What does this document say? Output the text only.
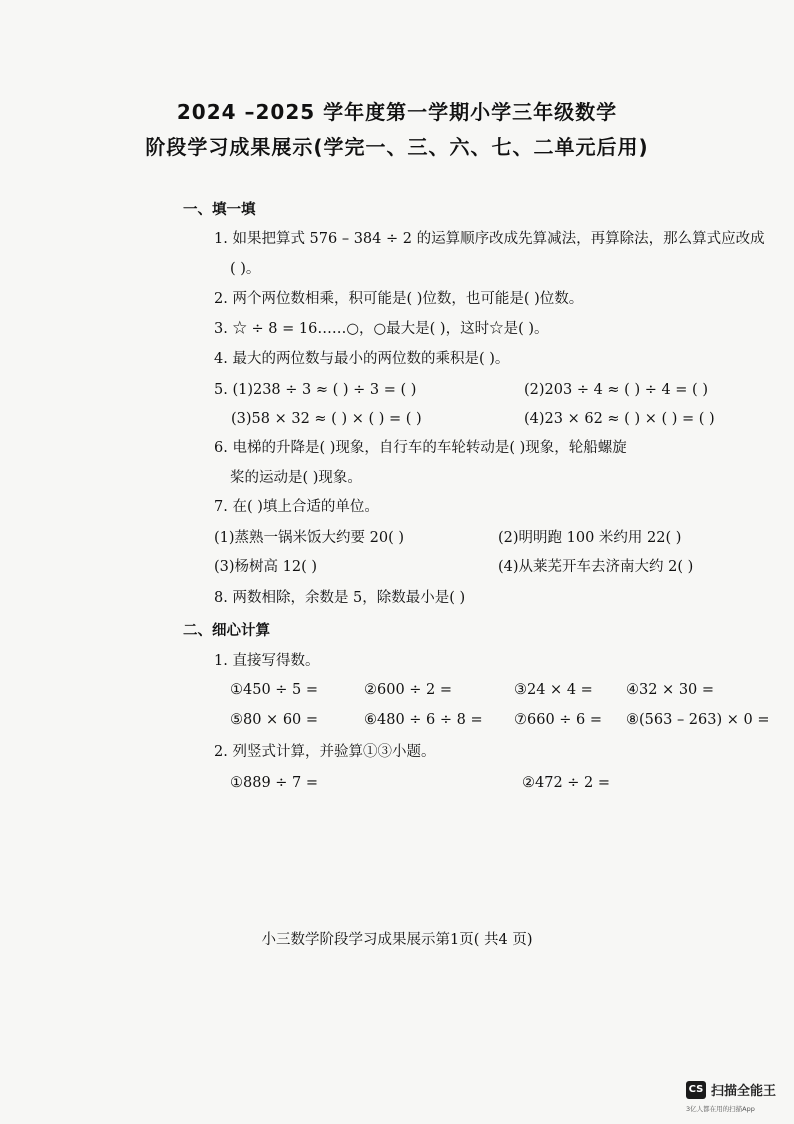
2024 –2025 学年度第一学期小学三年级数学
阶段学习成果展示(学完一、三、六、七、二单元后用)
一、填一填
1. 如果把算式 576 – 384 ÷ 2 的运算顺序改成先算减法，再算除法，那么算式应改成
( )。
2. 两个两位数相乘，积可能是( )位数，也可能是( )位数。
3. ☆ ÷ 8 = 16……○，○最大是( )，这时☆是( )。
4. 最大的两位数与最小的两位数的乘积是( )。
5. (1)238 ÷ 3 ≈ ( ) ÷ 3 = ( )	(2)203 ÷ 4 ≈ ( ) ÷ 4 = ( )
(3)58 × 32 ≈ ( ) × ( ) = ( )	(4)23 × 62 ≈ ( ) × ( ) = ( )
6. 电梯的升降是( )现象，自行车的车轮转动是( )现象，轮船螺旋
桨的运动是( )现象。
7. 在( )填上合适的单位。
(1)蒸熟一锅米饭大约要 20( )	(2)明明跑 100 米约用 22( )
(3)杨树高 12( )	(4)从莱芜开车去济南大约 2( )
8. 两数相除，余数是 5，除数最小是( )
二、细心计算
1. 直接写得数。
①450 ÷ 5 =	②600 ÷ 2 =	③24 × 4 = ④32 × 30 =
⑤80 × 60 =	⑥480 ÷ 6 ÷ 8 = ⑦660 ÷ 6 = ⑧(563 – 263) × 0 =
2. 列竖式计算，并验算①③小题。
①889 ÷ 7 =	②472 ÷ 2 =
小三数学阶段学习成果展示第1页( 共4 页)
CS 扫描全能王
3亿人都在用的扫描App
